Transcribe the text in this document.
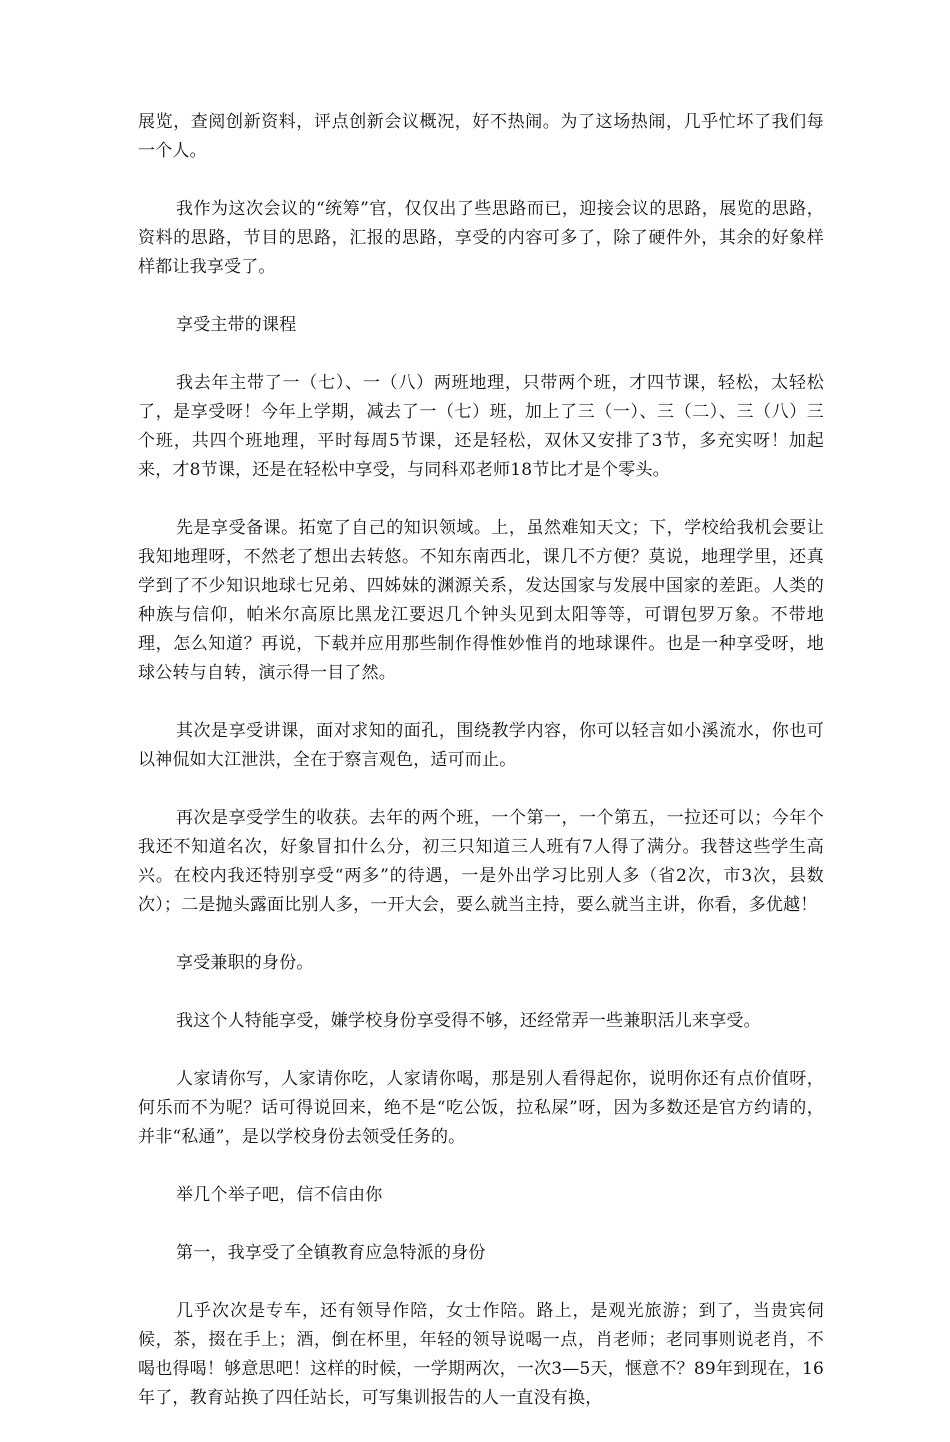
展览，查阅创新资料，评点创新会议概况，好不热闹。为了这场热闹，几乎忙坏了我们每一个人。

我作为这次会议的“统筹”官，仅仅出了些思路而已，迎接会议的思路，展览的思路，资料的思路，节目的思路，汇报的思路，享受的内容可多了，除了硬件外，其余的好象样样都让我享受了。

享受主带的课程

我去年主带了一（七）、一（八）两班地理，只带两个班，才四节课，轻松，太轻松了，是享受呀！今年上学期，减去了一（七）班，加上了三（一）、三（二）、三（八）三个班，共四个班地理，平时每周5节课，还是轻松，双休又安排了3节，多充实呀！加起来，才8节课，还是在轻松中享受，与同科邓老师18节比才是个零头。

先是享受备课。拓宽了自己的知识领域。上，虽然难知天文；下，学校给我机会要让我知地理呀，不然老了想出去转悠。不知东南西北，课几不方便？莫说，地理学里，还真学到了不少知识地球七兄弟、四姊妹的渊源关系，发达国家与发展中国家的差距。人类的种族与信仰，帕米尔高原比黑龙江要迟几个钟头见到太阳等等，可谓包罗万象。不带地理，怎么知道？再说，下载并应用那些制作得惟妙惟肖的地球课件。也是一种享受呀，地球公转与自转，演示得一目了然。

其次是享受讲课，面对求知的面孔，围绕教学内容，你可以轻言如小溪流水，你也可以神侃如大江泄洪，全在于察言观色，适可而止。

再次是享受学生的收获。去年的两个班，一个第一，一个第五，一拉还可以；今年个我还不知道名次，好象冒扣什么分，初三只知道三人班有7人得了满分。我替这些学生高兴。在校内我还特别享受“两多”的待遇，一是外出学习比别人多（省2次，市3次，县数次）；二是抛头露面比别人多，一开大会，要么就当主持，要么就当主讲，你看，多优越！

享受兼职的身份。

我这个人特能享受，嫌学校身份享受得不够，还经常弄一些兼职活儿来享受。

人家请你写，人家请你吃，人家请你喝，那是别人看得起你，说明你还有点价值呀，何乐而不为呢？话可得说回来，绝不是“吃公饭，拉私屎”呀，因为多数还是官方约请的，并非“私通”，是以学校身份去领受任务的。

举几个举子吧，信不信由你

第一，我享受了全镇教育应急特派的身份

几乎次次是专车，还有领导作陪，女士作陪。路上，是观光旅游；到了，当贵宾伺候，茶，掇在手上；酒，倒在杯里，年轻的领导说喝一点，肖老师；老同事则说老肖，不喝也得喝！够意思吧！这样的时候，一学期两次，一次3—5天，惬意不？89年到现在，16年了，教育站换了四任站长，可写集训报告的人一直没有换，
